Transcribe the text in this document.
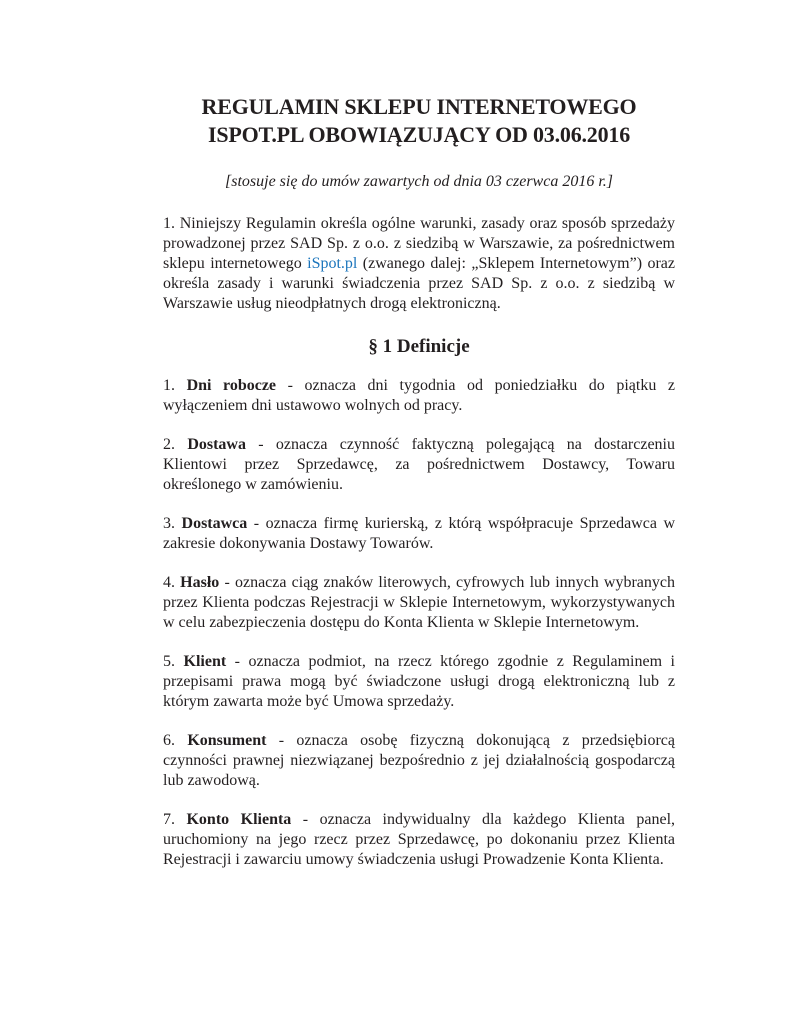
REGULAMIN SKLEPU INTERNETOWEGO
ISPOT.PL OBOWIĄZUJĄCY OD 03.06.2016

[stosuje się do umów zawartych od dnia 03 czerwca 2016 r.]

1. Niniejszy Regulamin określa ogólne warunki, zasady oraz sposób sprzedaży prowadzonej przez SAD Sp. z o.o. z siedzibą w Warszawie, za pośrednictwem sklepu internetowego iSpot.pl (zwanego dalej: „Sklepem Internetowym”) oraz określa zasady i warunki świadczenia przez SAD Sp. z o.o. z siedzibą w Warszawie usług nieodpłatnych drogą elektroniczną.

§ 1 Definicje
1. Dni robocze - oznacza dni tygodnia od poniedziałku do piątku z wyłączeniem dni ustawowo wolnych od pracy.
2. Dostawa - oznacza czynność faktyczną polegającą na dostarczeniu Klientowi przez Sprzedawcę, za pośrednictwem Dostawcy, Towaru określonego w zamówieniu.
3. Dostawca - oznacza firmę kurierską, z którą współpracuje Sprzedawca w zakresie dokonywania Dostawy Towarów.
4. Hasło - oznacza ciąg znaków literowych, cyfrowych lub innych wybranych przez Klienta podczas Rejestracji w Sklepie Internetowym, wykorzystywanych w celu zabezpieczenia dostępu do Konta Klienta w Sklepie Internetowym.
5. Klient - oznacza podmiot, na rzecz którego zgodnie z Regulaminem i przepisami prawa mogą być świadczone usługi drogą elektroniczną lub z którym zawarta może być Umowa sprzedaży.
6. Konsument - oznacza osobę fizyczną dokonującą z przedsiębiorcą czynności prawnej niezwiązanej bezpośrednio z jej działalnością gospodarczą lub zawodową.
7. Konto Klienta - oznacza indywidualny dla każdego Klienta panel, uruchomiony na jego rzecz przez Sprzedawcę, po dokonaniu przez Klienta Rejestracji i zawarciu umowy świadczenia usługi Prowadzenie Konta Klienta.
